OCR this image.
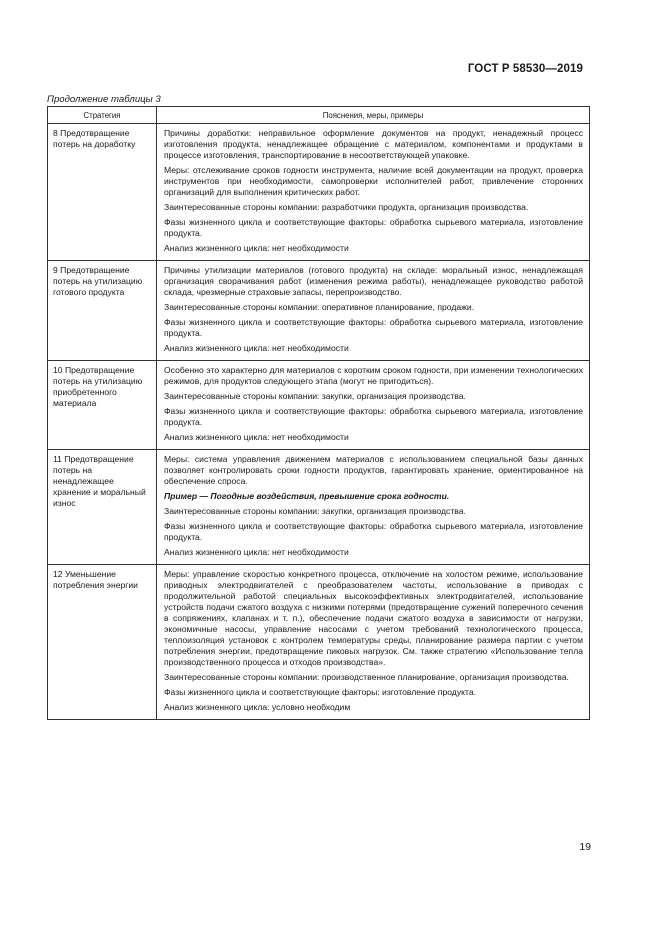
ГОСТ Р 58530—2019
Продолжение таблицы 3
Стратегия	Пояснения, меры, примеры
8 Предотвращение потерь на доработку	Причины доработки: неправильное оформление документов на продукт, ненадежный процесс изготовления продукта, ненадлежащее обращение с материалом, компонентами и продуктами в процессе изготовления, транспортирование в несоответствующей упаковке.

Меры: отслеживание сроков годности инструмента, наличие всей документации на продукт, проверка инструментов при необходимости, самопроверки исполнителей работ, привлечение сторонних организаций для выполнения критических работ.

Заинтересованные стороны компании: разработчики продукта, организация производства.

Фазы жизненного цикла и соответствующие факторы: обработка сырьевого материала, изготовление продукта.

Анализ жизненного цикла: нет необходимости

9 Предотвращение потерь на утилизацию готового продукта	Причины утилизации материалов (готового продукта) на складе: моральный износ, ненадлежащая организация сворачивания работ (изменения режима работы), ненадлежащее руководство работой склада, чрезмерные страховые запасы, перепроизводство.

Заинтересованные стороны компании: оперативное планирование, продажи.

Фазы жизненного цикла и соответствующие факторы: обработка сырьевого материала, изготовление продукта.

Анализ жизненного цикла: нет необходимости

10 Предотвращение потерь на утилизацию приобретенного материала	Особенно это характерно для материалов с коротким сроком годности, при изменении технологических режимов, для продуктов следующего этапа (могут не пригодиться).

Заинтересованные стороны компании: закупки, организация производства.

Фазы жизненного цикла и соответствующие факторы: обработка сырьевого материала, изготовление продукта.

Анализ жизненного цикла: нет необходимости

11 Предотвращение потерь на ненадлежащее хранение и моральный износ	Меры: система управления движением материалов с использованием специальной базы данных позволяет контролировать сроки годности продуктов, гарантировать хранение, ориентированное на обеспечение спроса.

Пример — Погодные воздействия, превышение срока годности.

Заинтересованные стороны компании: закупки, организация производства.

Фазы жизненного цикла и соответствующие факторы: обработка сырьевого материала, изготовление продукта.

Анализ жизненного цикла: нет необходимости

12 Уменьшение потребления энергии	Меры: управление скоростью конкретного процесса, отключение на холостом режиме, использование приводных электродвигателей с преобразователем частоты, использование в приводах с продолжительной работой специальных высокоэффективных электродвигателей, использование устройств подачи сжатого воздуха с низкими потерями (предотвращение сужений поперечного сечения в сопряжениях, клапанах и т. п.), обеспечение подачи сжатого воздуха в зависимости от нагрузки, экономичные насосы, управление насосами с учетом требований технологического процесса, теплоизоляция установок с контролем температуры среды, планирование размера партии с учетом потребления энергии, предотвращение пиковых нагрузок. См. также стратегию «Использование тепла производственного процесса и отходов производства».

Заинтересованные стороны компании: производственное планирование, организация производства.

Фазы жизненного цикла и соответствующие факторы: изготовление продукта.

Анализ жизненного цикла: условно необходим

19
